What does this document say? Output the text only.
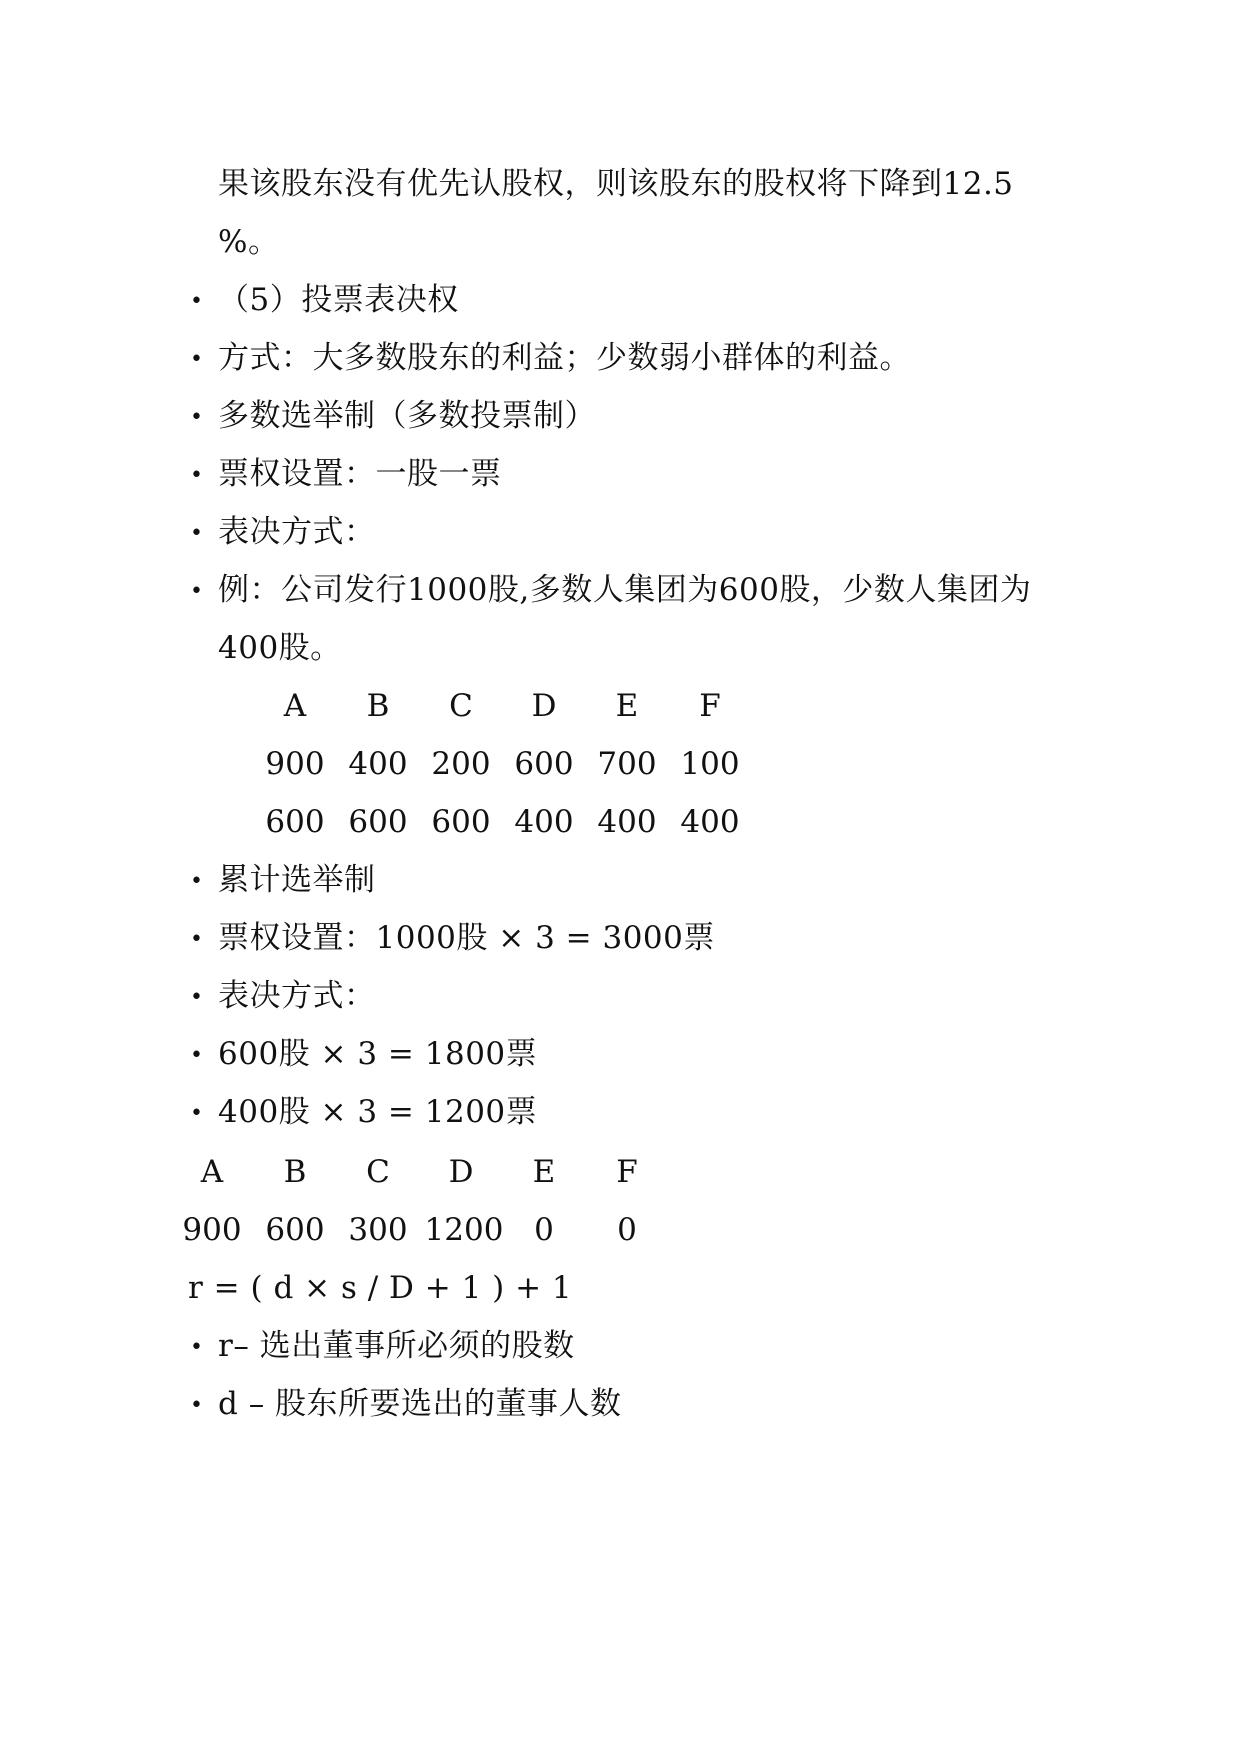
果该股东没有优先认股权，则该股东的股权将下降到12.5
%。
• （5）投票表决权
• 方式：大多数股东的利益；少数弱小群体的利益。
• 多数选举制（多数投票制）
• 票权设置：一股一票
• 表决方式：
• 例：公司发行1000股,多数人集团为600股，少数人集团为
400股。
A	B	C	D	E	F
900 400 200 600 700 100
600 600 600 400 400 400
• 累计选举制
• 票权设置：1000股 × 3 = 3000票
• 表决方式：
• 600股 × 3 = 1800票
• 400股 × 3 = 1200票
A	B	C	D	E	F
900 600 300 1200 0	0
r = ( d × s / D + 1 ) + 1
• r– 选出董事所必须的股数
• d – 股东所要选出的董事人数
